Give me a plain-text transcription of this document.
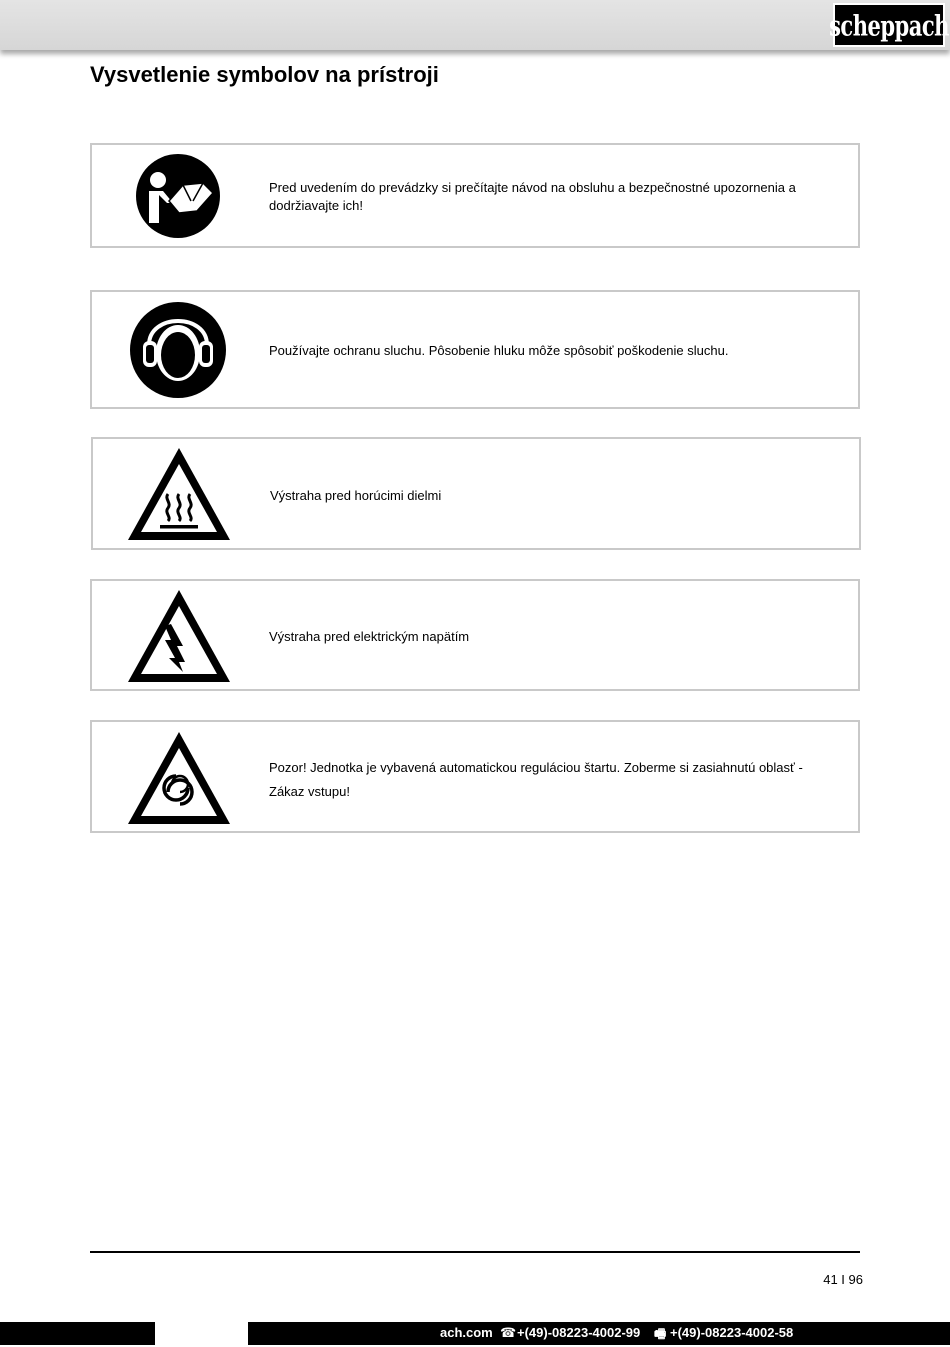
scheppach
Vysvetlenie symbolov na prístroji
Pred uvedením do prevádzky si prečítajte návod na obsluhu a bezpečnostné upozornenia a dodržiavajte ich!
Používajte ochranu sluchu. Pôsobenie hluku môže spôsobiť poškodenie sluchu.
Výstraha pred horúcimi dielmi
Výstraha pred elektrickým napätím
Pozor! Jednotka je vybavená automatickou reguláciou štartu. Zoberme si zasiahnutú oblasť - Zákaz vstupu!
41 I 96
ach.com ☎ +(49)-08223-4002-99 🖷 +(49)-08223-4002-58
